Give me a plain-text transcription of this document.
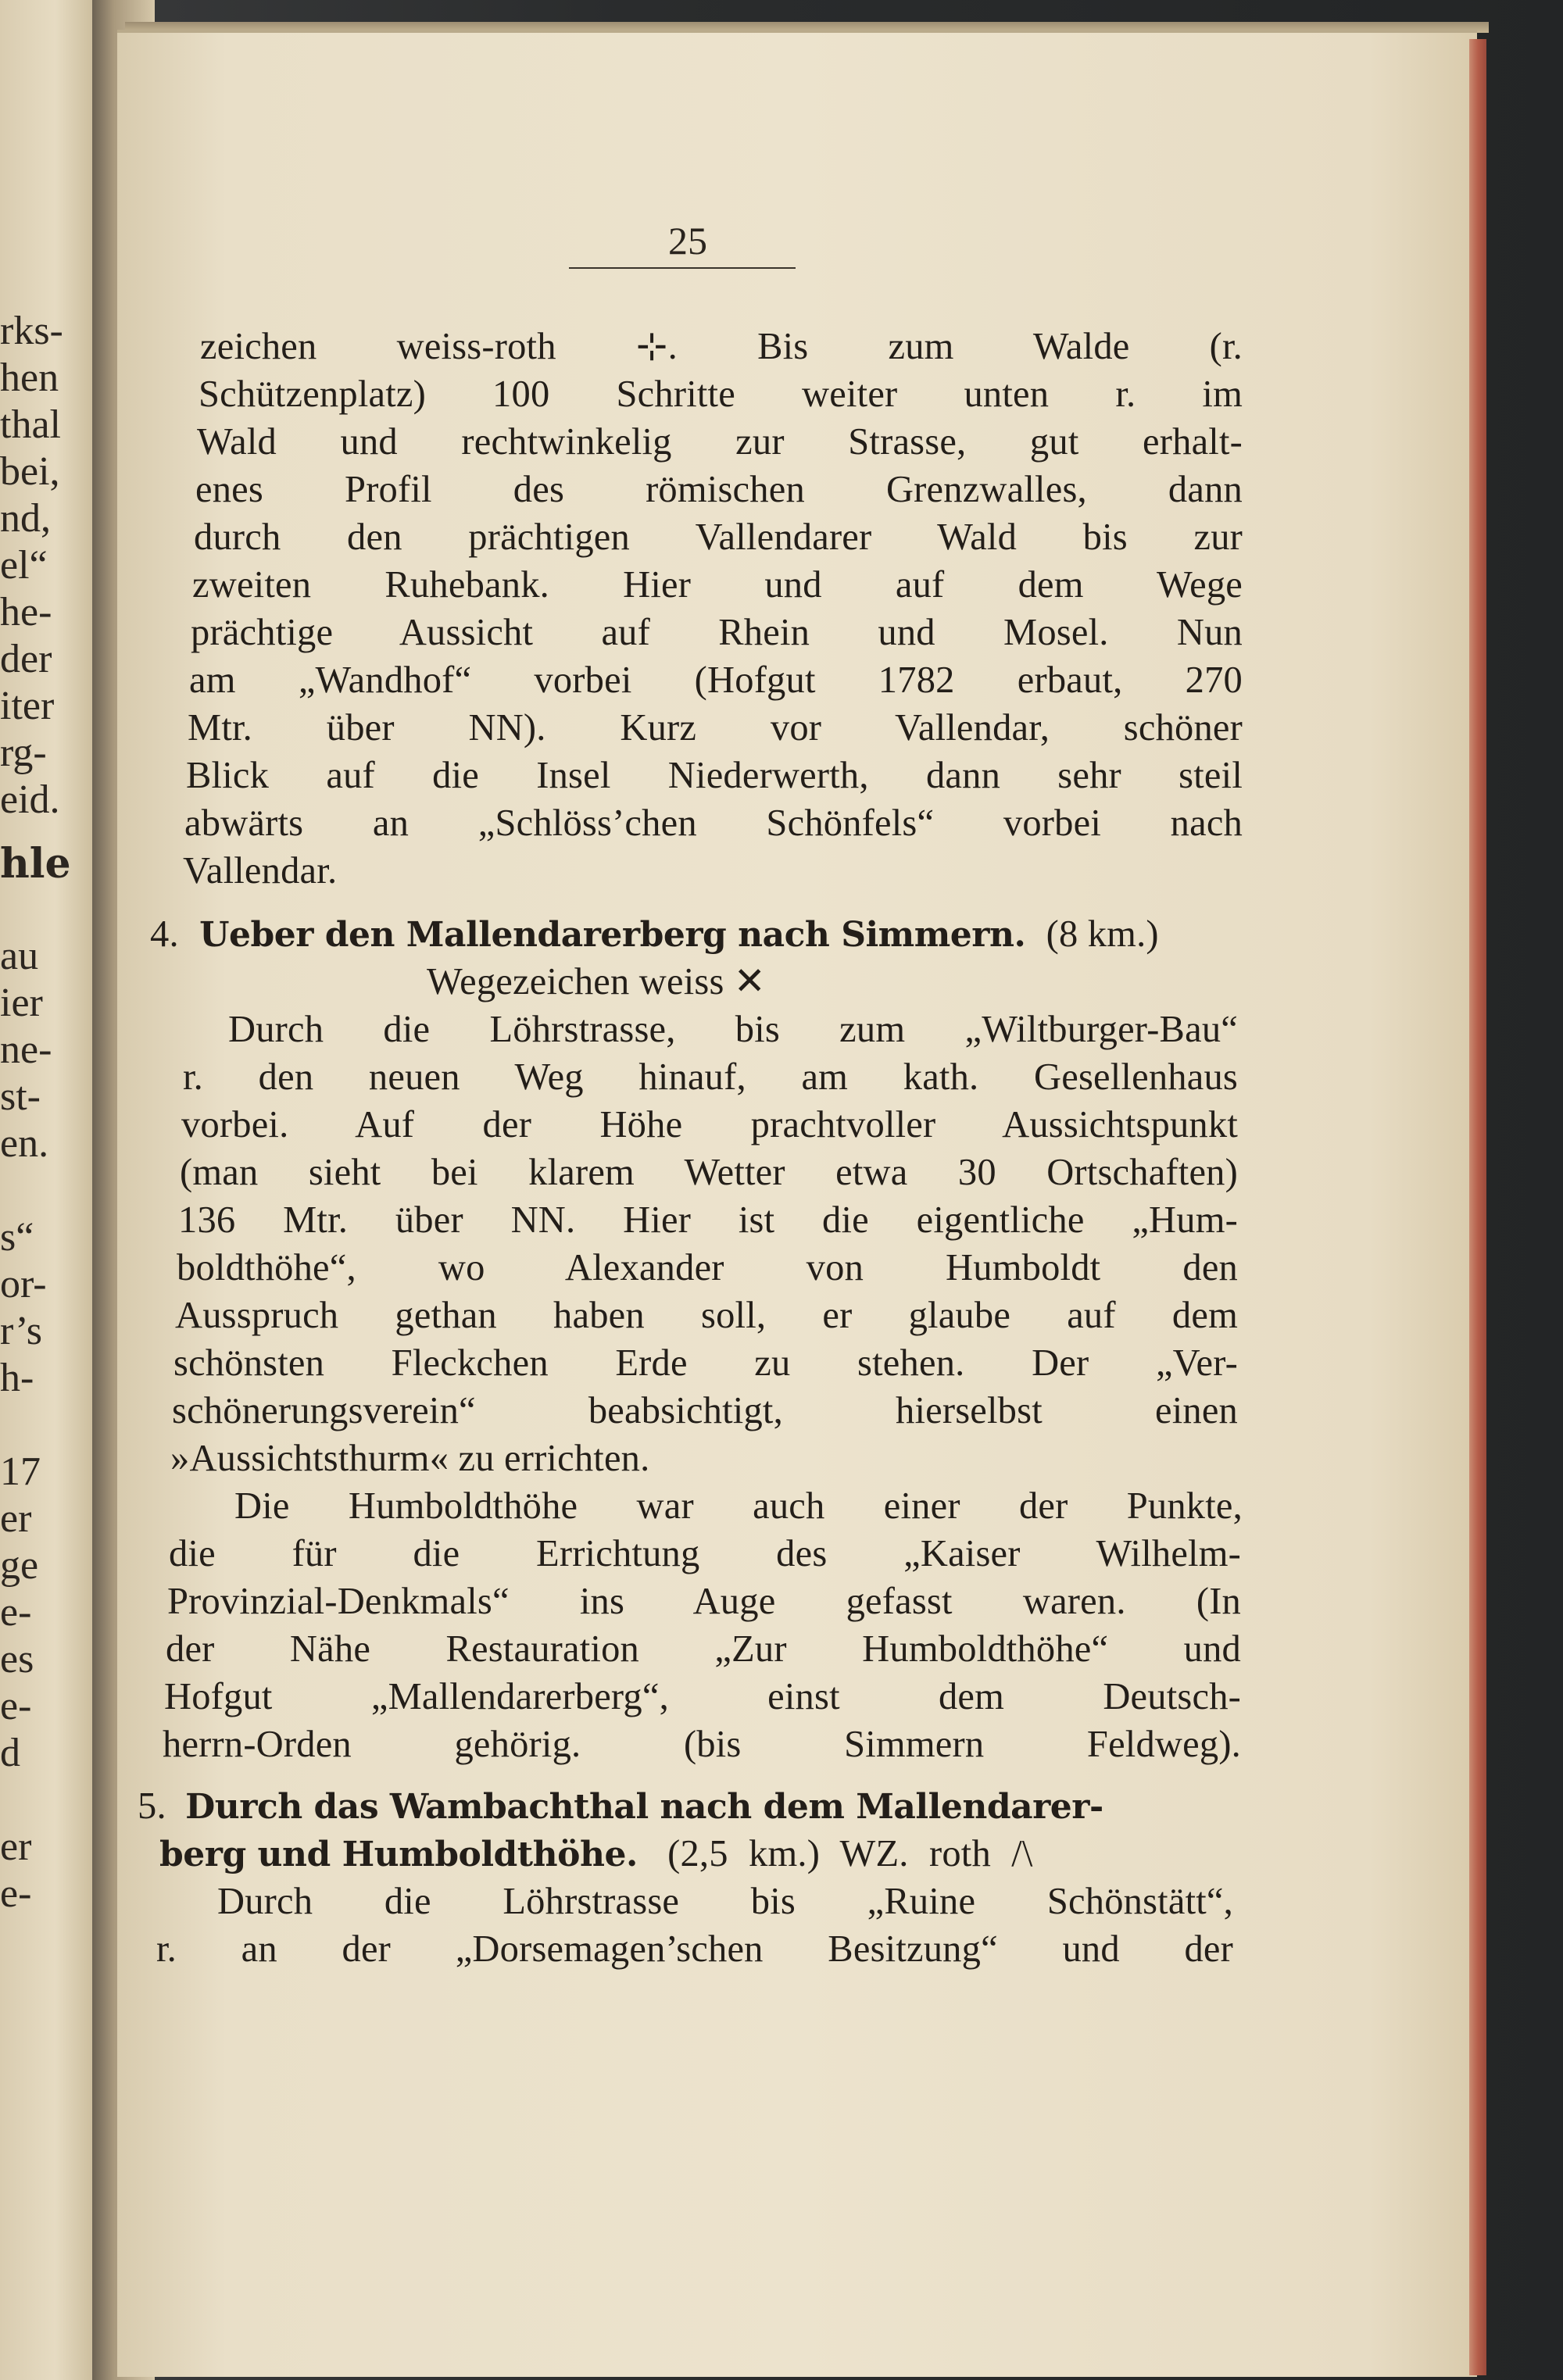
rks-
hen
thal
bei,
nd,
el“
he-
der
iter
rg-
eid.
hle
au
ier
ne-
st-
en.
s“
or-
r’s
h-
17
er
ge
e-
es
e-
d
er
e-
25
zeichen weiss-roth ⊹. Bis zum Walde (r.
Schützenplatz) 100 Schritte weiter unten r. im
Wald und rechtwinkelig zur Strasse, gut erhalt-
enes Profil des römischen Grenzwalles, dann
durch den prächtigen Vallendarer Wald bis zur
zweiten Ruhebank. Hier und auf dem Wege
prächtige Aussicht auf Rhein und Mosel. Nun
am „Wandhof“ vorbei (Hofgut 1782 erbaut, 270
Mtr. über NN). Kurz vor Vallendar, schöner
Blick auf die Insel Niederwerth, dann sehr steil
abwärts an „Schlöss’chen Schönfels“ vorbei nach
Vallendar.
4. Ueber den Mallendarerberg nach Simmern. (8 km.)
Wegezeichen weiss ✕
Durch die Löhrstrasse, bis zum „Wiltburger-Bau“
r. den neuen Weg hinauf, am kath. Gesellenhaus
vorbei. Auf der Höhe prachtvoller Aussichtspunkt
(man sieht bei klarem Wetter etwa 30 Ortschaften)
136 Mtr. über NN. Hier ist die eigentliche „Hum-
boldthöhe“, wo Alexander von Humboldt den
Ausspruch gethan haben soll, er glaube auf dem
schönsten Fleckchen Erde zu stehen. Der „Ver-
schönerungsverein“ beabsichtigt, hierselbst einen
»Aussichtsthurm« zu errichten.
Die Humboldthöhe war auch einer der Punkte,
die für die Errichtung des „Kaiser Wilhelm-
Provinzial-Denkmals“ ins Auge gefasst waren. (In
der Nähe Restauration „Zur Humboldthöhe“ und
Hofgut „Mallendarerberg“, einst dem Deutsch-
herrn-Orden gehörig. (bis Simmern Feldweg).
5. Durch das Wambachthal nach dem Mallendarer-
berg und Humboldthöhe. (2,5 km.) WZ. roth /\
Durch die Löhrstrasse bis „Ruine Schönstätt“,
r. an der „Dorsemagen’schen Besitzung“ und der
